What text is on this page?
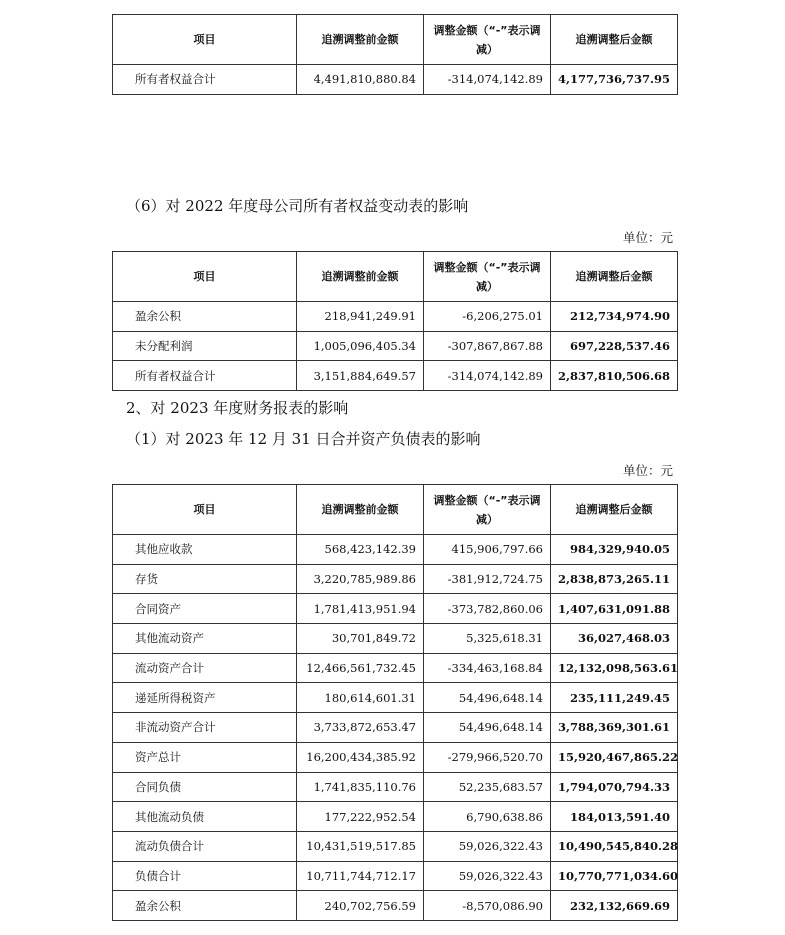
项目	追溯调整前金额	调整金额（“-”表示调减）	追溯调整后金额
所有者权益合计	4,491,810,880.84	-314,074,142.89	4,177,736,737.95
（6）对 2022 年度母公司所有者权益变动表的影响
单位：元
项目	追溯调整前金额	调整金额（“-”表示调减）	追溯调整后金额
盈余公积	218,941,249.91	-6,206,275.01	212,734,974.90
未分配利润	1,005,096,405.34	-307,867,867.88	697,228,537.46
所有者权益合计	3,151,884,649.57	-314,074,142.89	2,837,810,506.68
2、对 2023 年度财务报表的影响
（1）对 2023 年 12 月 31 日合并资产负债表的影响
单位：元
项目	追溯调整前金额	调整金额（“-”表示调减）	追溯调整后金额
其他应收款	568,423,142.39	415,906,797.66	984,329,940.05
存货	3,220,785,989.86	-381,912,724.75	2,838,873,265.11
合同资产	1,781,413,951.94	-373,782,860.06	1,407,631,091.88
其他流动资产	30,701,849.72	5,325,618.31	36,027,468.03
流动资产合计	12,466,561,732.45	-334,463,168.84	12,132,098,563.61
递延所得税资产	180,614,601.31	54,496,648.14	235,111,249.45
非流动资产合计	3,733,872,653.47	54,496,648.14	3,788,369,301.61
资产总计	16,200,434,385.92	-279,966,520.70	15,920,467,865.22
合同负债	1,741,835,110.76	52,235,683.57	1,794,070,794.33
其他流动负债	177,222,952.54	6,790,638.86	184,013,591.40
流动负债合计	10,431,519,517.85	59,026,322.43	10,490,545,840.28
负债合计	10,711,744,712.17	59,026,322.43	10,770,771,034.60
盈余公积	240,702,756.59	-8,570,086.90	232,132,669.69
